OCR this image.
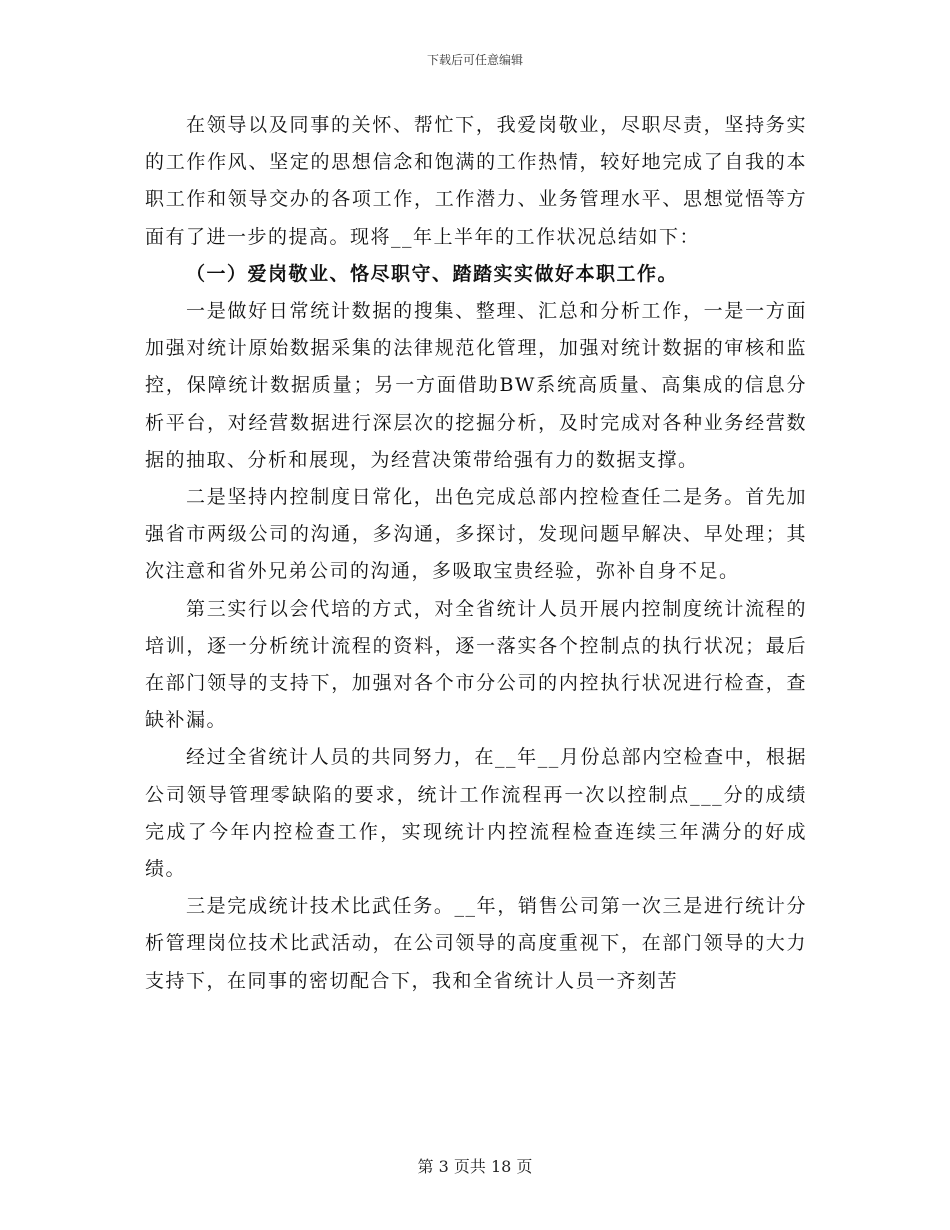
下载后可任意编辑

在领导以及同事的关怀、帮忙下，我爱岗敬业，尽职尽责，坚持务实的工作作风、坚定的思想信念和饱满的工作热情，较好地完成了自我的本职工作和领导交办的各项工作，工作潜力、业务管理水平、思想觉悟等方面有了进一步的提高。现将__年上半年的工作状况总结如下：

（一）爱岗敬业、恪尽职守、踏踏实实做好本职工作。

一是做好日常统计数据的搜集、整理、汇总和分析工作，一是一方面加强对统计原始数据采集的法律规范化管理，加强对统计数据的审核和监控，保障统计数据质量；另一方面借助BW系统高质量、高集成的信息分析平台，对经营数据进行深层次的挖掘分析，及时完成对各种业务经营数据的抽取、分析和展现，为经营决策带给强有力的数据支撑。

二是坚持内控制度日常化，出色完成总部内控检查任二是务。首先加强省市两级公司的沟通，多沟通，多探讨，发现问题早解决、早处理；其次注意和省外兄弟公司的沟通，多吸取宝贵经验，弥补自身不足。

第三实行以会代培的方式，对全省统计人员开展内控制度统计流程的培训，逐一分析统计流程的资料，逐一落实各个控制点的执行状况；最后在部门领导的支持下，加强对各个市分公司的内控执行状况进行检查，查缺补漏。

经过全省统计人员的共同努力，在__年__月份总部内空检查中，根据公司领导管理零缺陷的要求，统计工作流程再一次以控制点___分的成绩完成了今年内控检查工作，实现统计内控流程检查连续三年满分的好成绩。

三是完成统计技术比武任务。__年，销售公司第一次三是进行统计分析管理岗位技术比武活动，在公司领导的高度重视下，在部门领导的大力支持下，在同事的密切配合下，我和全省统计人员一齐刻苦

第 3 页共 18 页
